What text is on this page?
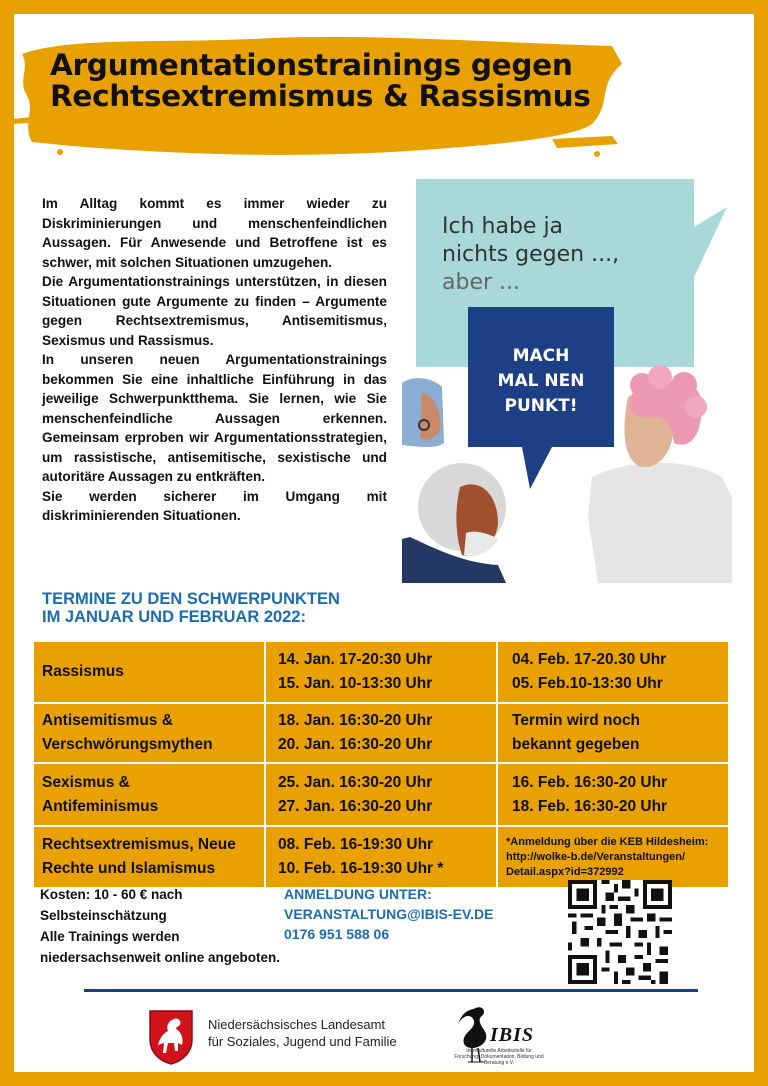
Argumentationstrainings gegen
Rechtsextremismus & Rassismus

Im Alltag kommt es immer wieder zu Diskriminierungen und menschenfeindlichen Aussagen. Für Anwesende und Betroffene ist es schwer, mit solchen Situationen umzugehen.

Die Argumentationstrainings unterstützen, in diesen Situationen gute Argumente zu finden – Argumente gegen Rechtsextremismus, Antisemitismus, Sexismus und Rassismus.

In unseren neuen Argumentationstrainings bekommen Sie eine inhaltliche Einführung in das jeweilige Schwerpunktthema. Sie lernen, wie Sie menschenfeindliche Aussagen erkennen. Gemeinsam erproben wir Argumentationsstrategien, um rassistische, antisemitische, sexistische und autoritäre Aussagen zu entkräften.

Sie werden sicherer im Umgang mit diskriminierenden Situationen.

Ich habe ja
nichts gegen ...,
aber ...
MACH
MAL NEN
PUNKT!
TERMINE ZU DEN SCHWERPUNKTEN
IM JANUAR UND FEBRUAR 2022:
Rassismus
14. Jan. 17-20:30 Uhr
15. Jan. 10-13:30 Uhr
04. Feb. 17-20.30 Uhr
05. Feb.10-13:30 Uhr
Antisemitismus &
Verschwörungsmythen
18. Jan. 16:30-20 Uhr
20. Jan. 16:30-20 Uhr
Termin wird noch
bekannt gegeben
Sexismus &
Antifeminismus
25. Jan. 16:30-20 Uhr
27. Jan. 16:30-20 Uhr
16. Feb. 16:30-20 Uhr
18. Feb. 16:30-20 Uhr
Rechtsextremismus, Neue
Rechte und Islamismus
08. Feb. 16-19:30 Uhr
10. Feb. 16-19:30 Uhr *
*Anmeldung über die KEB Hildesheim:
http://wolke-b.de/Veranstaltungen/
Detail.aspx?id=372992
Kosten: 10 - 60 € nach
Selbsteinschätzung
Alle Trainings werden
niedersachsenweit online angeboten.
ANMELDUNG UNTER:
VERANSTALTUNG@IBIS-EV.DE
0176 951 588 06
Niedersächsisches Landesamt
für Soziales, Jugend und Familie	IBIS
Interkulturelle Arbeitsstelle für Forschung, Dokumentation, Bildung und Beratung e.V.
